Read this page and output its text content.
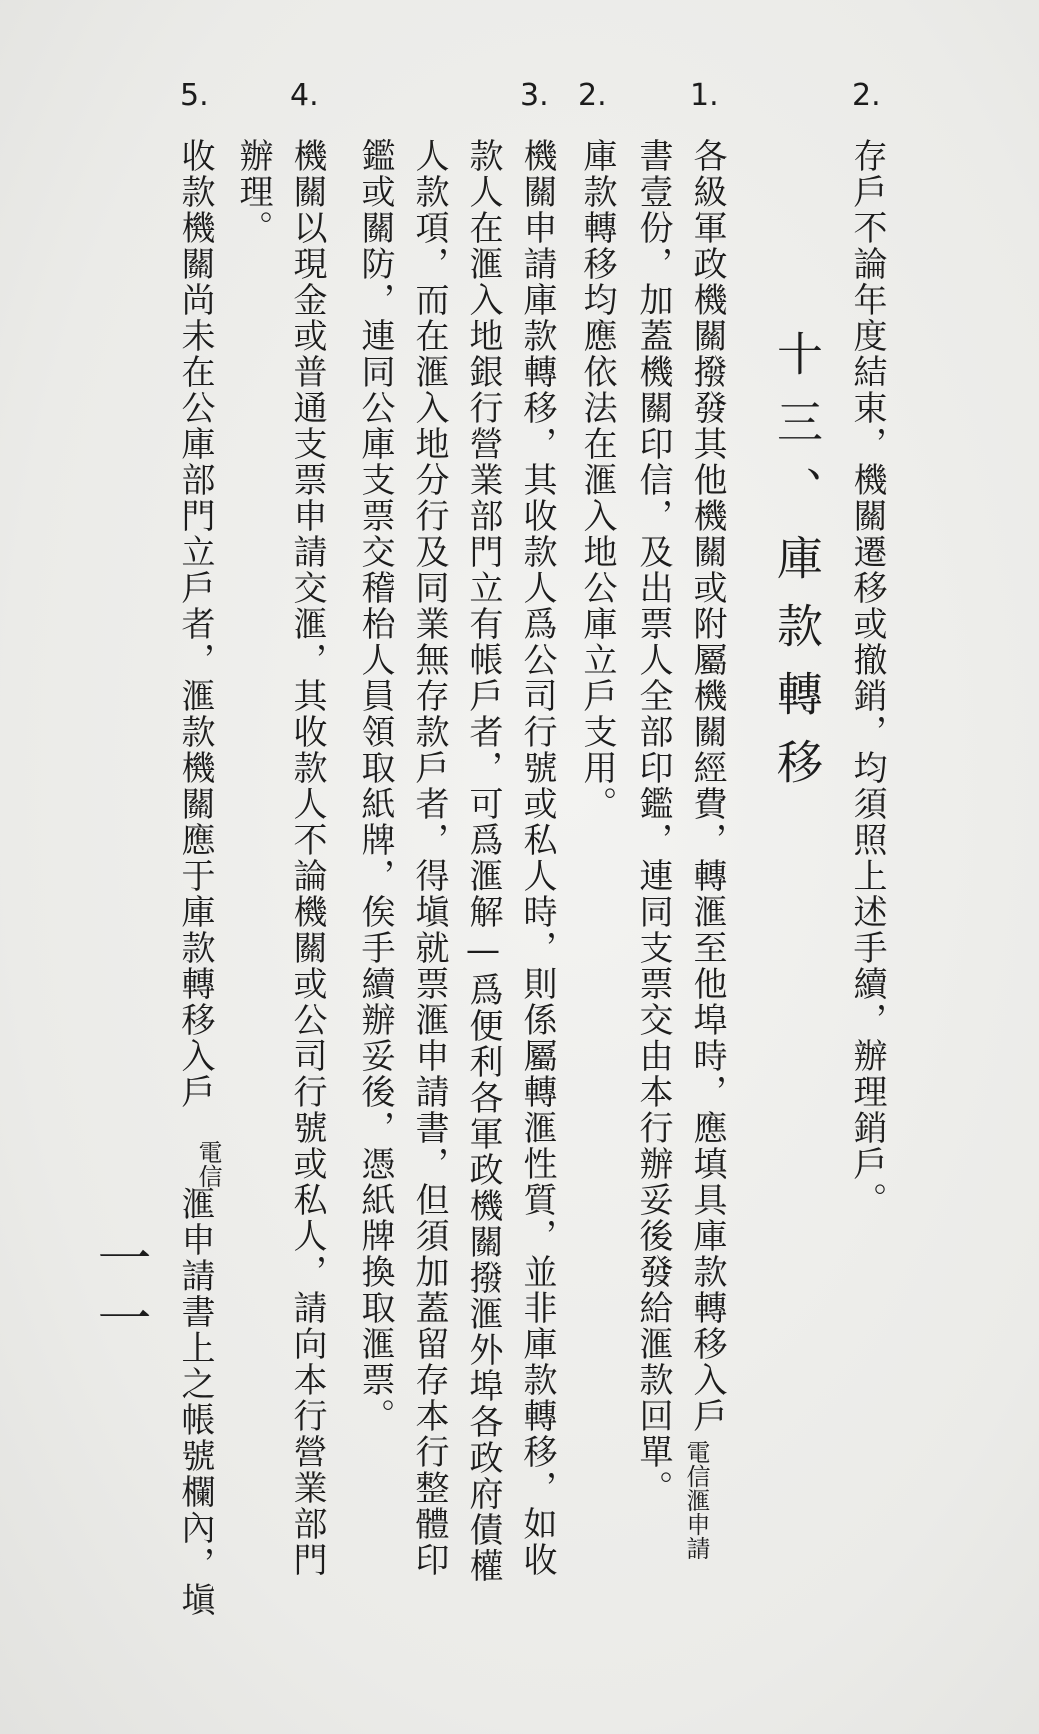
2.
存戶不論年度結束，機關遷移或撤銷，均須照上述手續，辦理銷戶。
十三、庫款轉移
1.
各級軍政機關撥發其他機關或附屬機關經費，轉滙至他埠時，應填具庫款轉移入戶
書壹份，加蓋機關印信，及出票人全部印鑑，連同支票交由本行辦妥後發給滙款回單。 電信滙申請
2.
庫款轉移均應依法在滙入地公庫立戶支用。
3.
機關申請庫款轉移，其收款人爲公司行號或私人時，則係屬轉滙性質，並非庫款轉移，如收
款人在滙入地銀行營業部門立有帳戶者，可爲滙解—爲便利各軍政機關撥滙外埠各政府債權
人款項，而在滙入地分行及同業無存款戶者，得塡就票滙申請書，但須加蓋留存本行整體印
鑑或關防，連同公庫支票交稽枱人員領取紙牌，俟手續辦妥後，憑紙牌換取滙票。
4.
機關以現金或普通支票申請交滙，其收款人不論機關或公司行號或私人，請向本行營業部門
辦理。
5.
收款機關尚未在公庫部門立戶者，滙款機關應于庫款轉移入戶
電信
滙申請書上之帳號欄內，塡
一一
